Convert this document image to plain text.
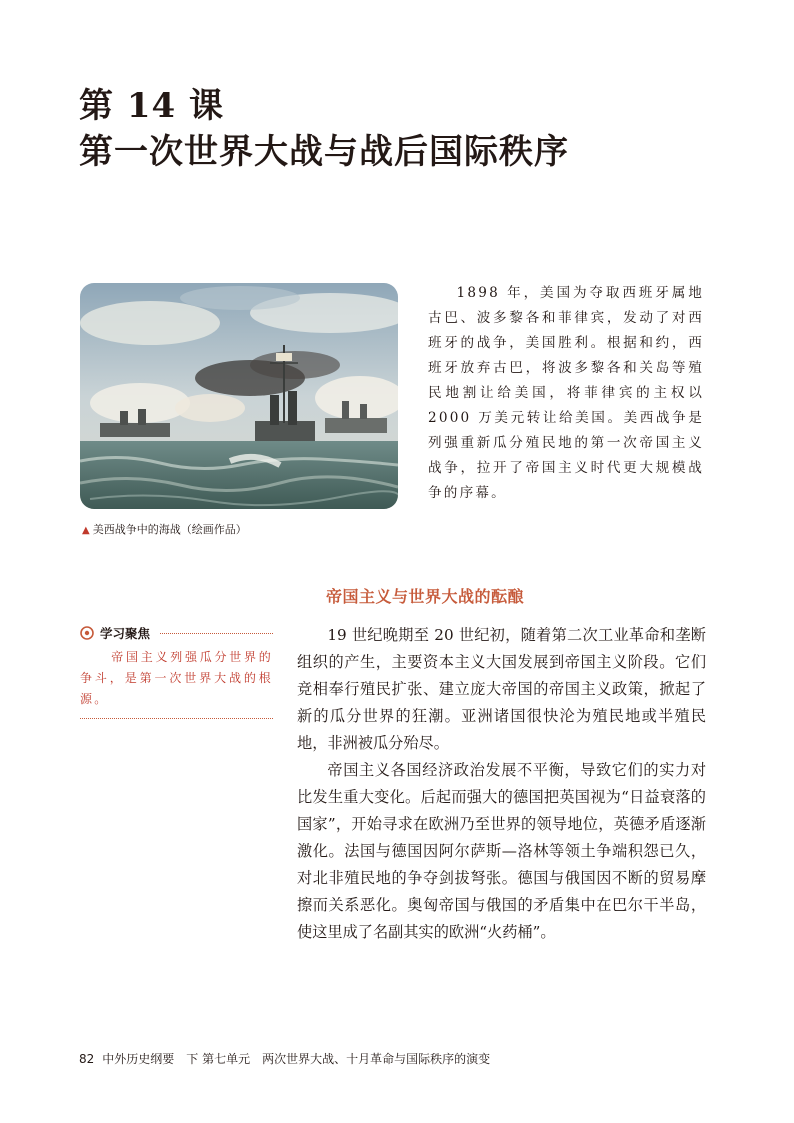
第 14 课
第一次世界大战与战后国际秩序
▲ 美西战争中的海战（绘画作品）

1898 年，美国为夺取西班牙属地古巴、波多黎各和菲律宾，发动了对西班牙的战争，美国胜利。根据和约，西班牙放弃古巴，将波多黎各和关岛等殖民地割让给美国，将菲律宾的主权以 2000 万美元转让给美国。美西战争是列强重新瓜分殖民地的第一次帝国主义战争，拉开了帝国主义时代更大规模战争的序幕。

帝国主义与世界大战的酝酿
学习聚焦

帝国主义列强瓜分世界的争斗，是第一次世界大战的根源。

19 世纪晚期至 20 世纪初，随着第二次工业革命和垄断组织的产生，主要资本主义大国发展到帝国主义阶段。它们竞相奉行殖民扩张、建立庞大帝国的帝国主义政策，掀起了新的瓜分世界的狂潮。亚洲诸国很快沦为殖民地或半殖民地，非洲被瓜分殆尽。

帝国主义各国经济政治发展不平衡，导致它们的实力对比发生重大变化。后起而强大的德国把英国视为“日益衰落的国家”，开始寻求在欧洲乃至世界的领导地位，英德矛盾逐渐激化。法国与德国因阿尔萨斯—洛林等领土争端积怨已久，对北非殖民地的争夺剑拔弩张。德国与俄国因不断的贸易摩擦而关系恶化。奥匈帝国与俄国的矛盾集中在巴尔干半岛，使这里成了名副其实的欧洲“火药桶”。

82 中外历史纲要　下 第七单元　两次世界大战、十月革命与国际秩序的演变
